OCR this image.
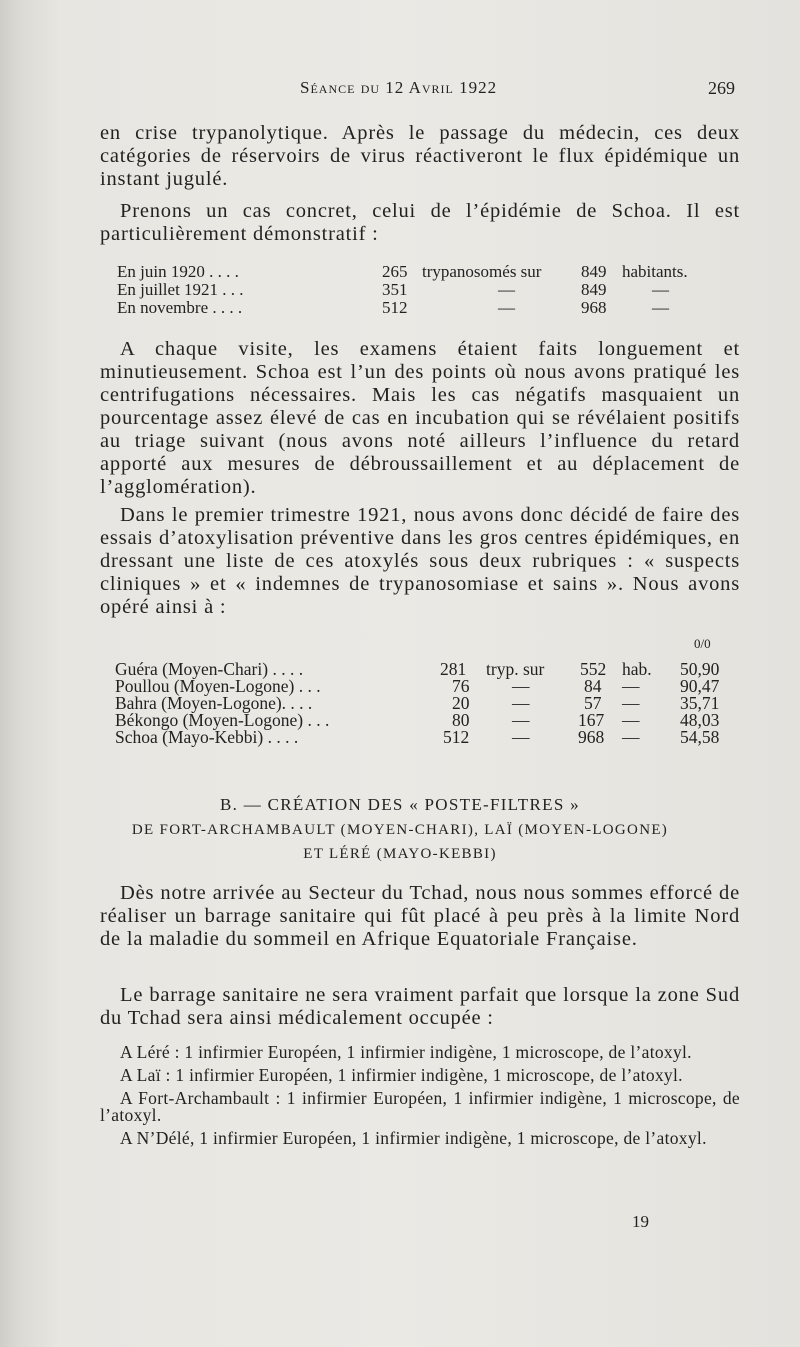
Séance du 12 Avril 1922	269

en crise trypanolytique. Après le passage du médecin, ces deux catégories de réservoirs de virus réactiveront le flux épidémique un instant jugulé.

Prenons un cas concret, celui de l’épidémie de Schoa. Il est particulièrement démonstratif :

En juin 1920 . . . .	265 trypanosomés sur 849 habitants.
En juillet 1921 . . .	351	—	849	—
En novembre . . . .	512	—	968	—

A chaque visite, les examens étaient faits longuement et minutieusement. Schoa est l’un des points où nous avons pratiqué les centrifugations nécessaires. Mais les cas négatifs masquaient un pourcentage assez élevé de cas en incubation qui se révélaient positifs au triage suivant (nous avons noté ailleurs l’influence du retard apporté aux mesures de débroussaillement et au déplacement de l’agglomération).

Dans le premier trimestre 1921, nous avons donc décidé de faire des essais d’atoxylisation préventive dans les gros centres épidémiques, en dressant une liste de ces atoxylés sous deux rubriques : « suspects cliniques » et « indemnes de trypanosomiase et sains ». Nous avons opéré ainsi à :

0/0
Guéra (Moyen-Chari) . . . .	281 tryp. sur 552 hab. 50,90
Poullou (Moyen-Logone) . . .	76 —	84 — 90,47
Bahra (Moyen-Logone). . . .	20 —	57 — 35,71
Békongo (Moyen-Logone) . . .	80 —	167 — 48,03
Schoa (Mayo-Kebbi) . . . .	512 —	968 — 54,58
B. — CRÉATION DES « POSTE-FILTRES »
DE FORT-ARCHAMBAULT (MOYEN-CHARI), LAÏ (MOYEN-LOGONE)
ET LÉRÉ (MAYO-KEBBI)

Dès notre arrivée au Secteur du Tchad, nous nous sommes efforcé de réaliser un barrage sanitaire qui fût placé à peu près à la limite Nord de la maladie du sommeil en Afrique Equatoriale Française.

Le barrage sanitaire ne sera vraiment parfait que lorsque la zone Sud du Tchad sera ainsi médicalement occupée :

A Léré : 1 infirmier Européen, 1 infirmier indigène, 1 microscope, de l’atoxyl.

A Laï : 1 infirmier Européen, 1 infirmier indigène, 1 microscope, de l’atoxyl.

A Fort-Archambault : 1 infirmier Européen, 1 infirmier indigène, 1 microscope, de l’atoxyl.

A N’Délé, 1 infirmier Européen, 1 infirmier indigène, 1 microscope, de l’atoxyl.

19
